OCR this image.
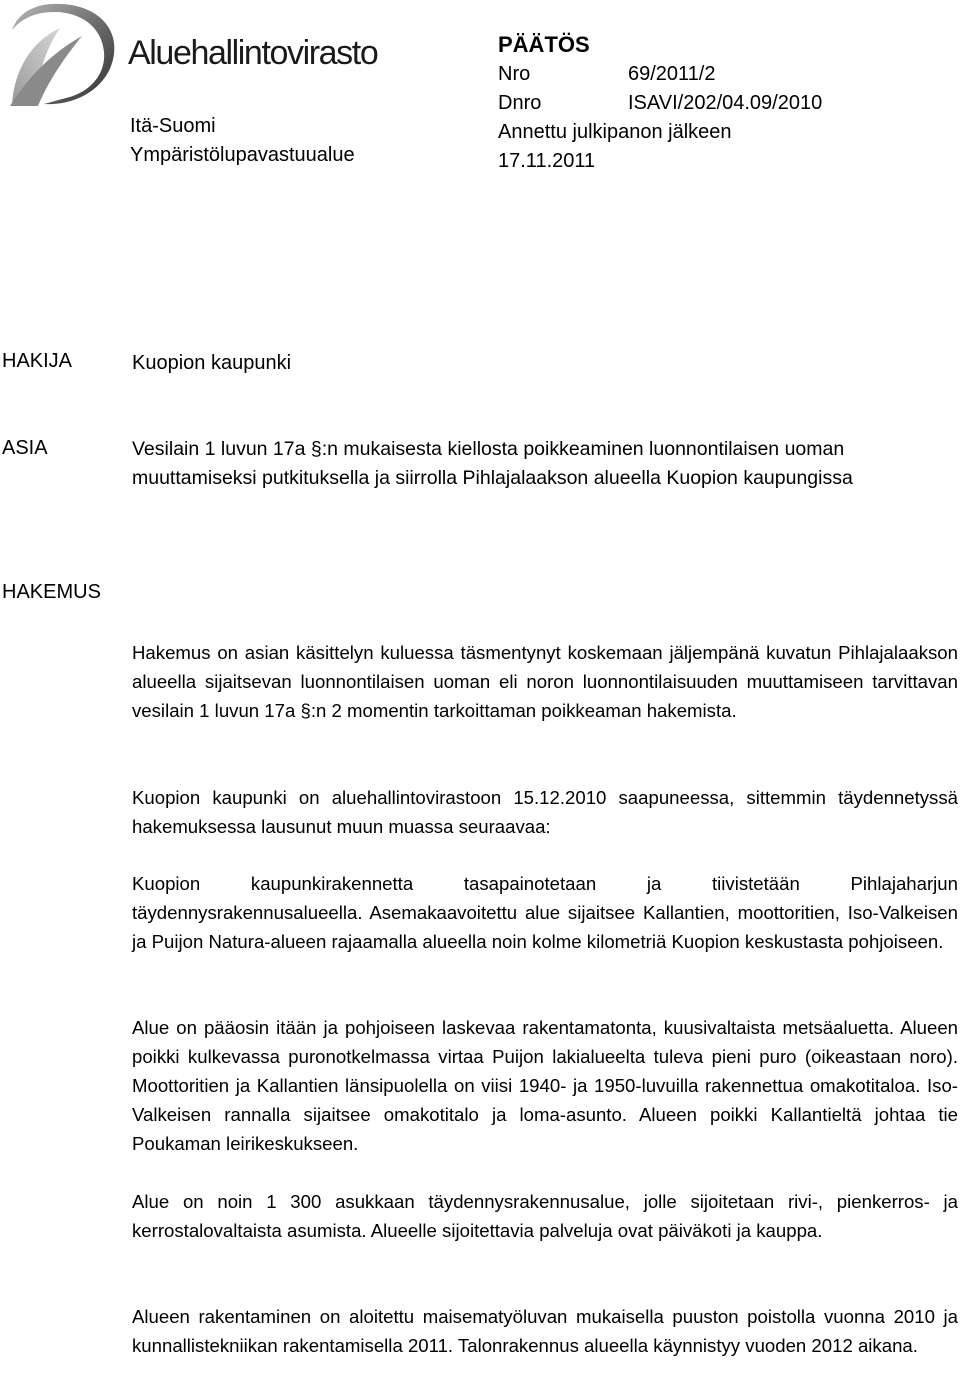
Aluehallintovirasto
Itä-Suomi
Ympäristölupavastuualue
PÄÄTÖS
Nro	69/2011/2
Dnro	ISAVI/202/04.09/2010
Annettu julkipanon jälkeen
17.11.2011
HAKIJA	Kuopion kaupunki
ASIA	Vesilain 1 luvun 17a §:n mukaisesta kiellosta poikkeaminen luonnontilaisen uoman
muuttamiseksi putkituksella ja siirrolla Pihlajalaakson alueella Kuopion kaupungissa
HAKEMUS

Hakemus on asian käsittelyn kuluessa täsmentynyt koskemaan jäljempänä kuvatun Pihlajalaakson alueella sijaitsevan luonnontilaisen uoman eli noron luonnontilaisuuden muuttamiseen tarvittavan vesilain 1 luvun 17a §:n 2 momentin tarkoittaman poikkeaman hakemista.

Kuopion kaupunki on aluehallintovirastoon 15.12.2010 saapuneessa, sittemmin täydennetyssä hakemuksessa lausunut muun muassa seuraavaa:

Kuopion kaupunkirakennetta tasapainotetaan ja tiivistetään Pihlajaharjun täydennysrakennusalueella. Asemakaavoitettu alue sijaitsee Kallantien, moottoritien, Iso-Valkeisen ja Puijon Natura-alueen rajaamalla alueella noin kolme kilometriä Kuopion keskustasta pohjoiseen.

Alue on pääosin itään ja pohjoiseen laskevaa rakentamatonta, kuusivaltaista metsäaluetta. Alueen poikki kulkevassa puronotkelmassa virtaa Puijon lakialueelta tuleva pieni puro (oikeastaan noro). Moottoritien ja Kallantien länsipuolella on viisi 1940- ja 1950-luvuilla rakennettua omakotitaloa. Iso-Valkeisen rannalla sijaitsee omakotitalo ja loma-asunto. Alueen poikki Kallantieltä johtaa tie Poukaman leirikeskukseen.

Alue on noin 1 300 asukkaan täydennysrakennusalue, jolle sijoitetaan rivi-, pienkerros- ja kerrostalovaltaista asumista. Alueelle sijoitettavia palveluja ovat päiväkoti ja kauppa.

Alueen rakentaminen on aloitettu maisematyöluvan mukaisella puuston poistolla vuonna 2010 ja kunnallistekniikan rakentamisella 2011. Talonrakennus alueella käynnistyy vuoden 2012 aikana.
